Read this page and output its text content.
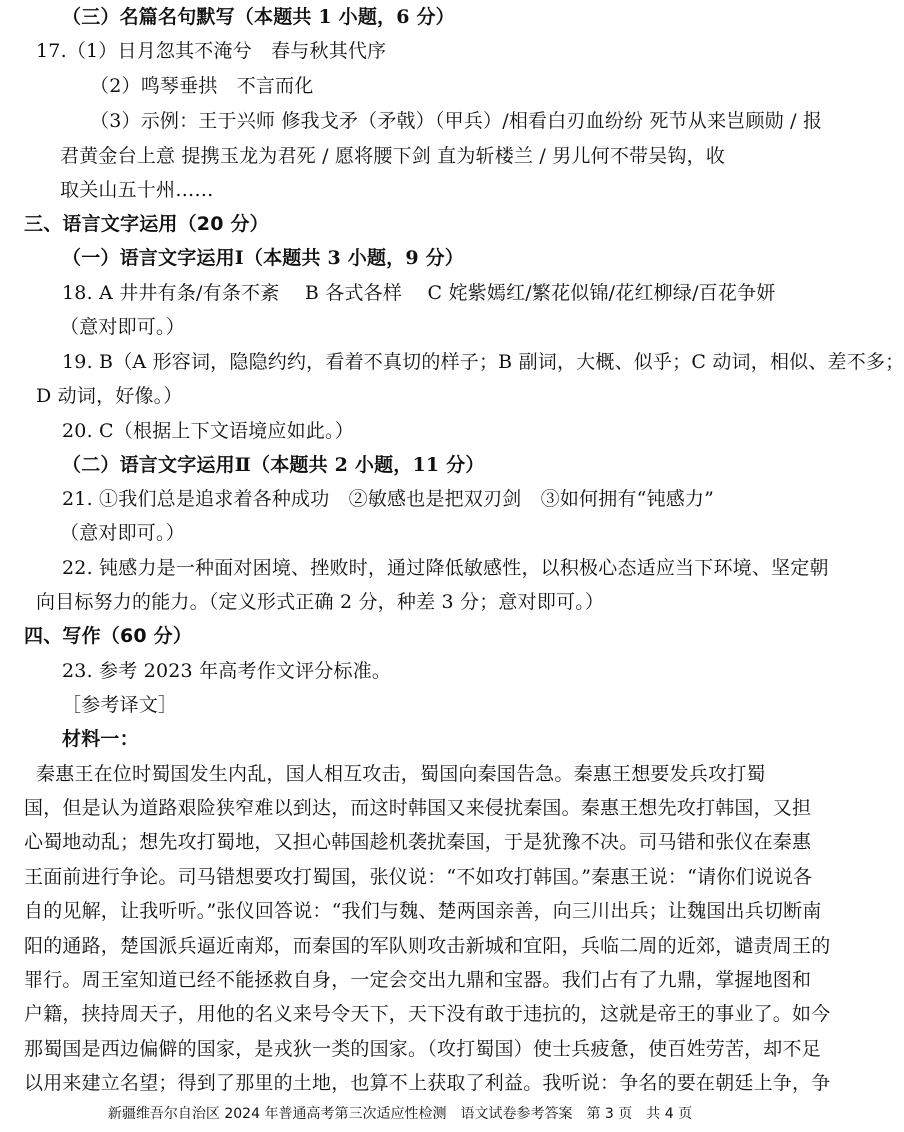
（三）名篇名句默写（本题共 1 小题，6 分）
17.（1）日月忽其不淹兮　春与秋其代序
（2）鸣琴垂拱　不言而化
（3）示例：王于兴师 修我戈矛（矛戟）（甲兵）/相看白刃血纷纷 死节从来岂顾勋 / 报
君黄金台上意 提携玉龙为君死 / 愿将腰下剑 直为斩楼兰 / 男儿何不带吴钩，收
取关山五十州……
三、语言文字运用（20 分）
（一）语言文字运用Ⅰ（本题共 3 小题，9 分）
18. A 井井有条/有条不紊　 B 各式各样　 C 姹紫嫣红/繁花似锦/花红柳绿/百花争妍
（意对即可。）
19. B（A 形容词，隐隐约约，看着不真切的样子；B 副词，大概、似乎；C 动词，相似、差不多；
D 动词，好像。）
20. C（根据上下文语境应如此。）
（二）语言文字运用Ⅱ（本题共 2 小题，11 分）
21. ①我们总是追求着各种成功　②敏感也是把双刃剑　③如何拥有“钝感力”
（意对即可。）
22. 钝感力是一种面对困境、挫败时，通过降低敏感性，以积极心态适应当下环境、坚定朝
向目标努力的能力。（定义形式正确 2 分，种差 3 分；意对即可。）
四、写作（60 分）
23. 参考 2023 年高考作文评分标准。
［参考译文］
材料一：
秦惠王在位时蜀国发生内乱，国人相互攻击，蜀国向秦国告急。秦惠王想要发兵攻打蜀
国，但是认为道路艰险狭窄难以到达，而这时韩国又来侵扰秦国。秦惠王想先攻打韩国，又担
心蜀地动乱；想先攻打蜀地，又担心韩国趁机袭扰秦国，于是犹豫不决。司马错和张仪在秦惠
王面前进行争论。司马错想要攻打蜀国，张仪说：“不如攻打韩国。”秦惠王说：“请你们说说各
自的见解，让我听听。”张仪回答说：“我们与魏、楚两国亲善，向三川出兵；让魏国出兵切断南
阳的通路，楚国派兵逼近南郑，而秦国的军队则攻击新城和宜阳，兵临二周的近郊，谴责周王的
罪行。周王室知道已经不能拯救自身，一定会交出九鼎和宝器。我们占有了九鼎，掌握地图和
户籍，挟持周天子，用他的名义来号令天下，天下没有敢于违抗的，这就是帝王的事业了。如今
那蜀国是西边偏僻的国家，是戎狄一类的国家。（攻打蜀国）使士兵疲惫，使百姓劳苦，却不足
以用来建立名望；得到了那里的土地，也算不上获取了利益。我听说：争名的要在朝廷上争，争
新疆维吾尔自治区 2024 年普通高考第三次适应性检测　语文试卷参考答案　第 3 页　共 4 页
